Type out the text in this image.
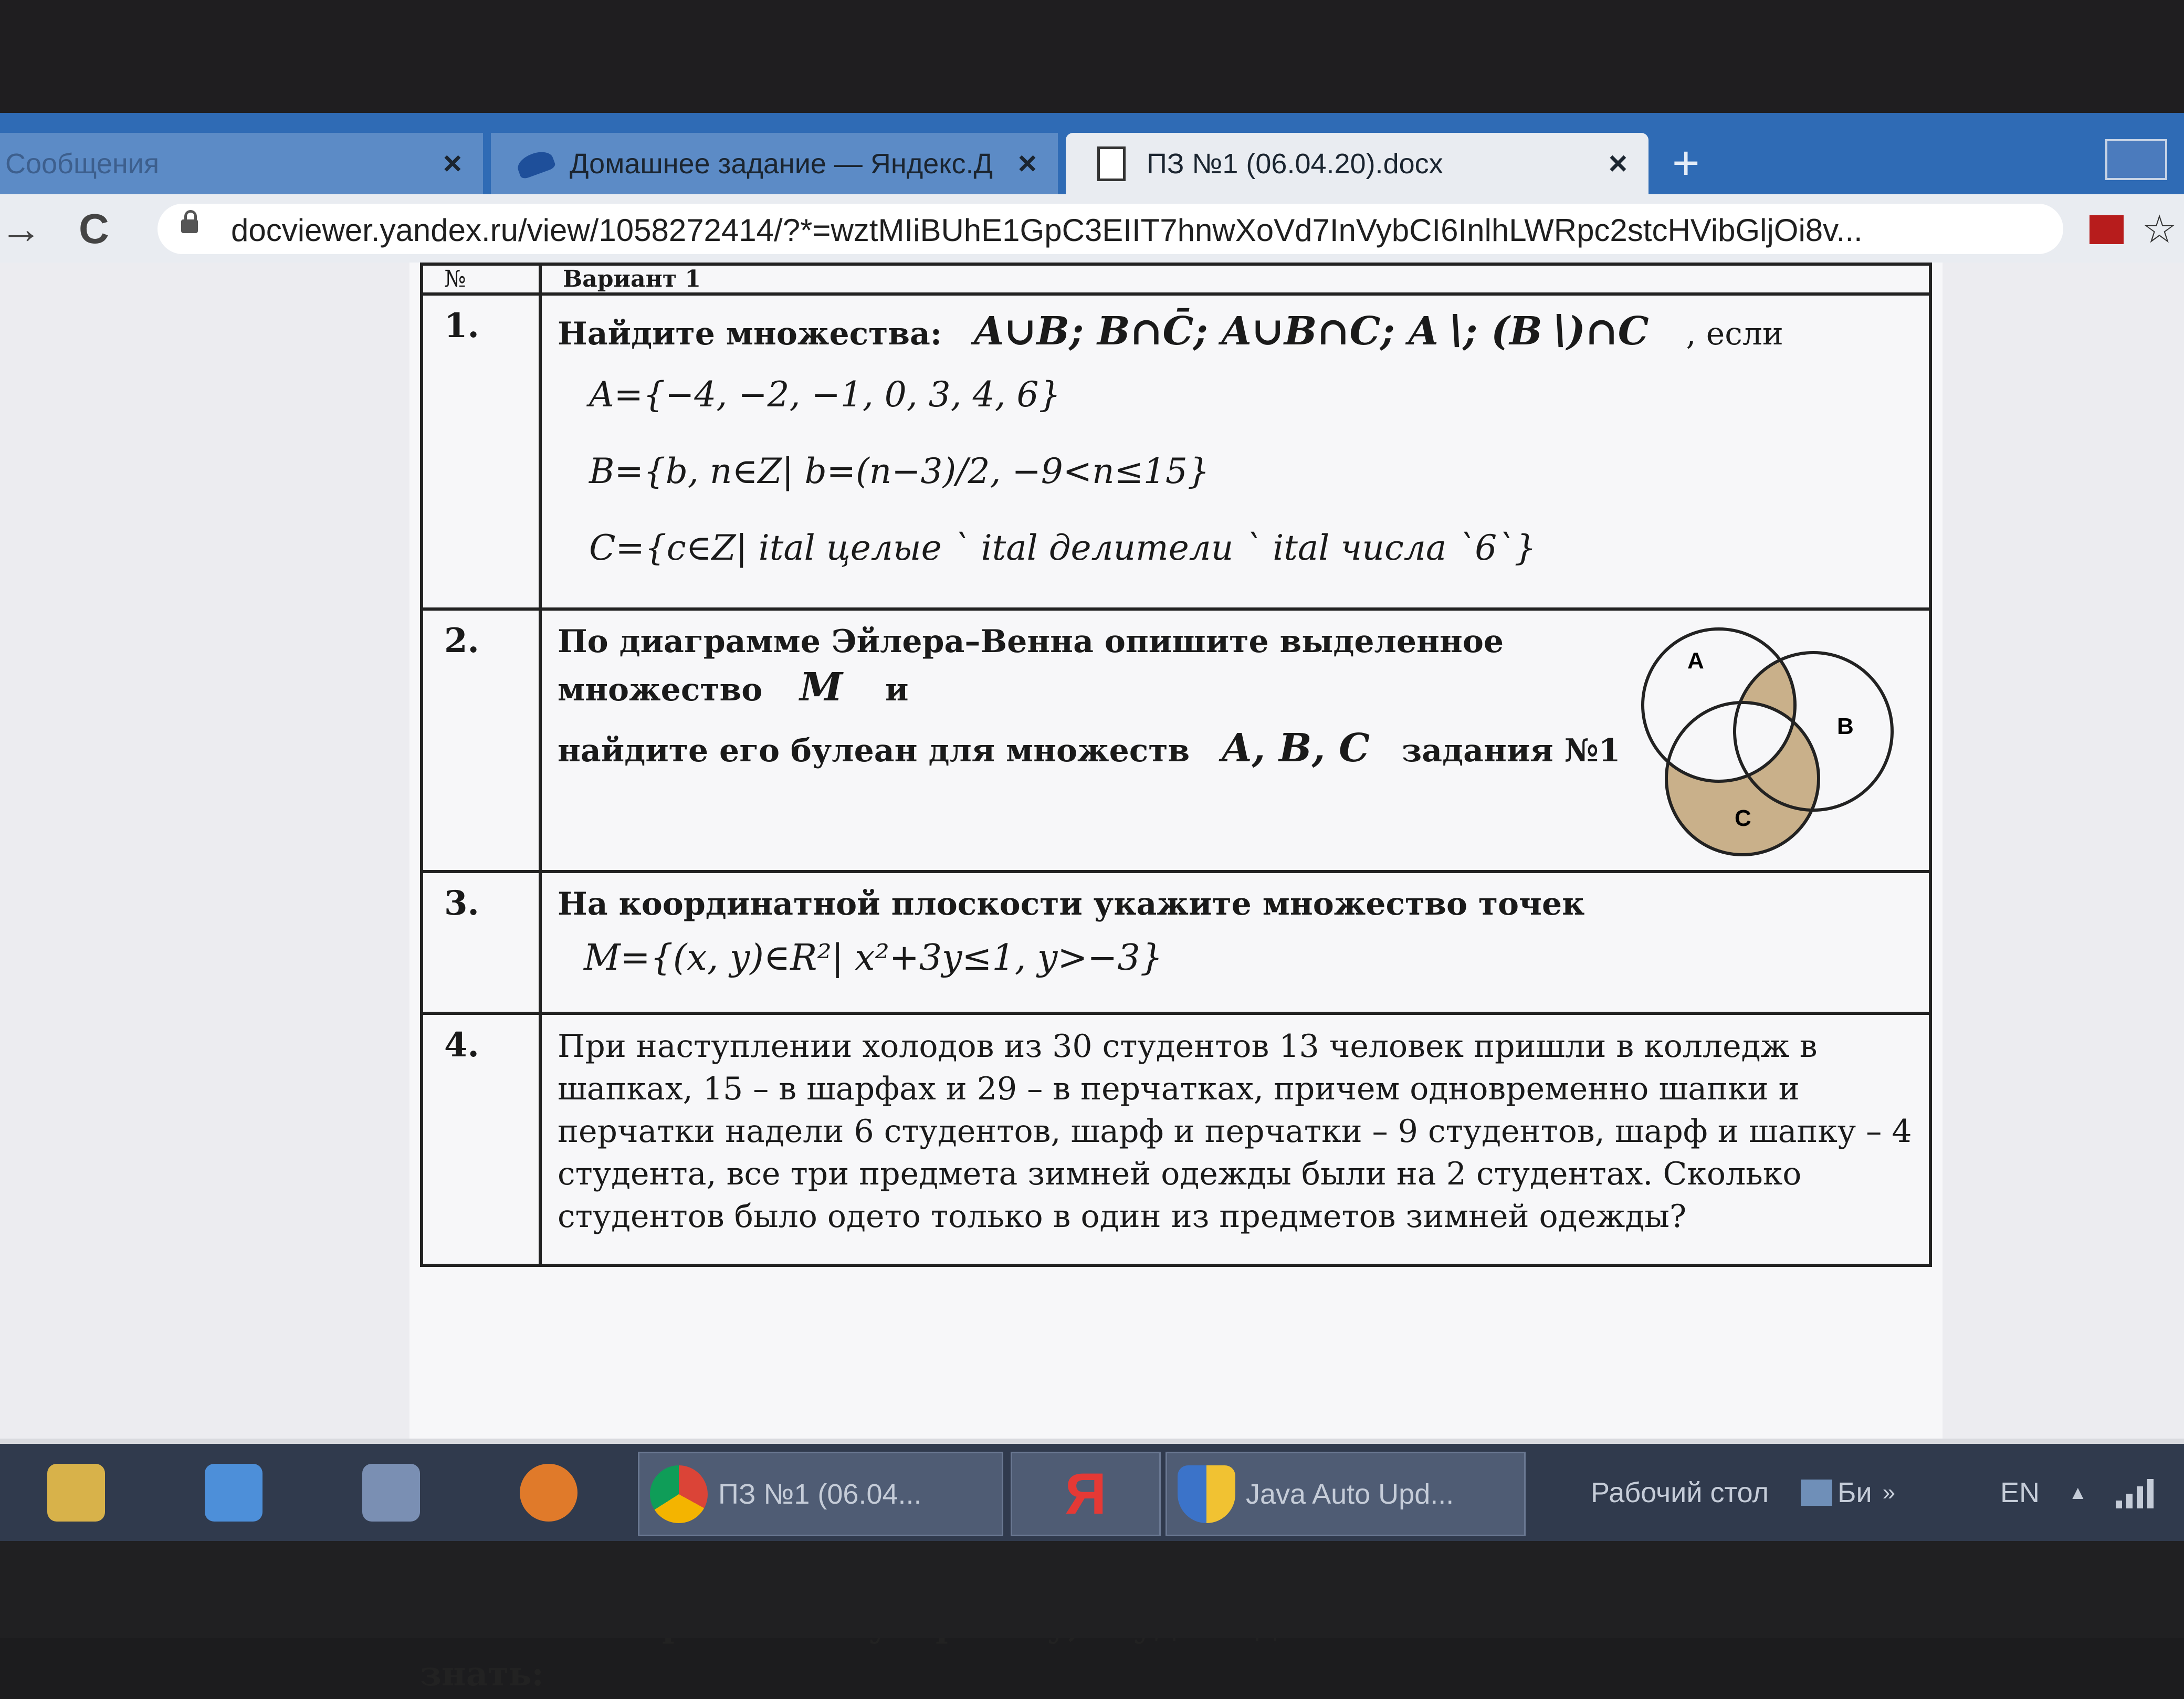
Сообщения	×	Домашнее задание — Яндекс.Д ×	ПЗ №1 (06.04.20).docx	× +
→ C	docviewer.yandex.ru/view/1058272414/?*=wztMIiBUhE1GpC3EIIT7hnwXoVd7InVybCI6InlhLWRpc2stcHVibGljOi8v...	☆
№	Вариант 1
1.	Найдите множества: A∪B; B∩C̄; A∪B∩C; A∖; (B∖)∩C , если
A={−4, −2, −1, 0, 3, 4, 6}
B={b, n∈Z| b=(n−3)/2, −9<n≤15}
C={c∈Z| ital целые ` ital делители ` ital числа `6`}

2.	По диаграмме Эйлера–Венна опишите выделенное множество M и
найдите его булеан для множеств A, B, C задания №1
A
B
C

3.	На координатной плоскости укажите множество точек
M={(x, y)∈R²| x²+3y≤1, y>−3}

4.	При наступлении холодов из 30 студентов 13 человек пришли в колледж в шапках, 15 – в шарфах и 29 – в перчатках, причем одновременно шапки и перчатки надели 6 студентов, шарф и перчатки – 9 студентов, шарф и шапку – 4 студента, все три предмета зимней одежды были на 2 студентах. Сколько студентов было одето только в один из предметов зимней одежды?
знать:
ПЗ №1 (06.04... Я	Java Auto Upd...	Рабочий стол Би »	EN ▲
